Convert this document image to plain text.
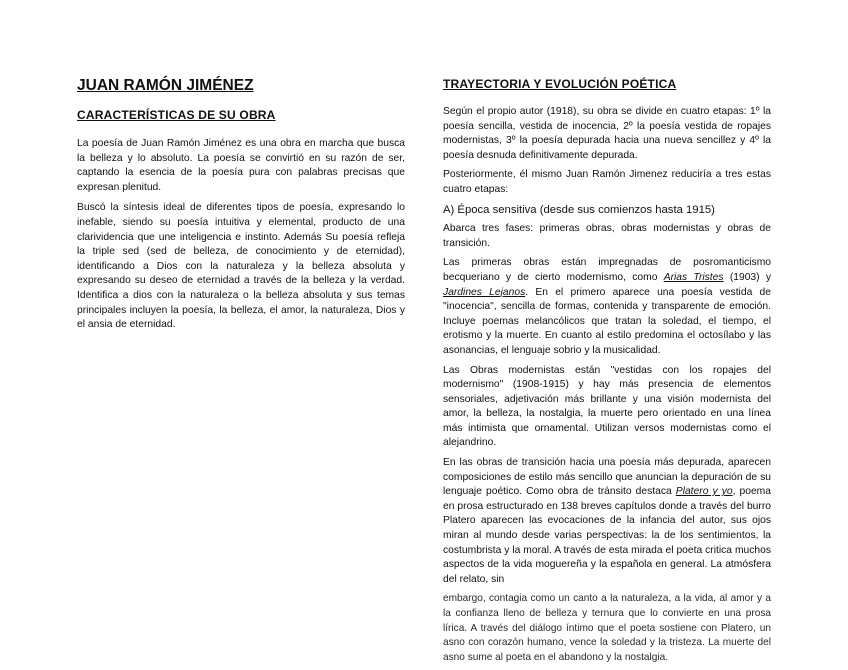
JUAN RAMÓN JIMÉNEZ
CARACTERÍSTICAS DE SU OBRA

La poesía de Juan Ramón Jiménez es una obra en marcha que busca la belleza y lo absoluto. La poesía se convirtió en su razón de ser, captando la esencia de la poesía pura con palabras precisas que expresan plenitud.

Buscó la síntesis ideal de diferentes tipos de poesía, expresando lo inefable, siendo su poesía intuitiva y elemental, producto de una clarividencia que une inteligencia e instinto. Además Su poesía refleja la triple sed (sed de belleza, de conocimiento y de eternidad), identificando a Dios con la naturaleza y la belleza absoluta y expresando su deseo de eternidad a través de la belleza y la verdad. Identifica a dios con la naturaleza o la belleza absoluta y sus temas principales incluyen la poesía, la belleza, el amor, la naturaleza, Dios y el ansia de eternidad.

TRAYECTORIA Y EVOLUCIÓN POÉTICA

Según el propio autor (1918), su obra se divide en cuatro etapas: 1º la poesía sencilla, vestida de inocencia, 2º la poesía vestida de ropajes modernistas, 3º la poesía depurada hacia una nueva sencillez y 4º la poesía desnuda definitivamente depurada.

Posteriormente, él mismo Juan Ramón Jimenez reduciría a tres estas cuatro etapas:

A) Época sensitiva (desde sus comienzos hasta 1915)

Abarca tres fases: primeras obras, obras modernistas y obras de transición.

Las primeras obras están impregnadas de posromanticismo becqueriano y de cierto modernismo, como Arias Tristes (1903) y Jardines Lejanos. En el primero aparece una poesía vestida de "inocencia", sencilla de formas, contenida y transparente de emoción. Incluye poemas melancólicos que tratan la soledad, el tiempo, el erotismo y la muerte. En cuanto al estilo predomina el octosílabo y las asonancias, el lenguaje sobrio y la musicalidad.

Las Obras modernistas están "vestidas con los ropajes del modernismo" (1908-1915) y hay más presencia de elementos sensoriales, adjetivación más brillante y una visión modernista del amor, la belleza, la nostalgia, la muerte pero orientado en una línea más intimista que ornamental. Utilizan versos modernistas como el alejandrino.

En las obras de transición hacia una poesía más depurada, aparecen composiciones de estilo más sencillo que anuncian la depuración de su lenguaje poético. Como obra de tránsito destaca Platero y yo, poema en prosa estructurado en 138 breves capítulos donde a través del burro Platero aparecen las evocaciones de la infancia del autor, sus ojos miran al mundo desde varias perspectivas: la de los sentimientos, la costumbrista y la moral. A través de esta mirada el poeta critica muchos aspectos de la vida moguereña y la española en general. La atmósfera del relato, sin

embargo, contagia como un canto a la naturaleza, a la vida, al amor y a la confianza lleno de belleza y ternura que lo convierte en una prosa lírica. A través del diálogo íntimo que el poeta sostiene con Platero, un asno con corazón humano, vence la soledad y la tristeza. La muerte del asno sume al poeta en el abandono y la nostalgia.
